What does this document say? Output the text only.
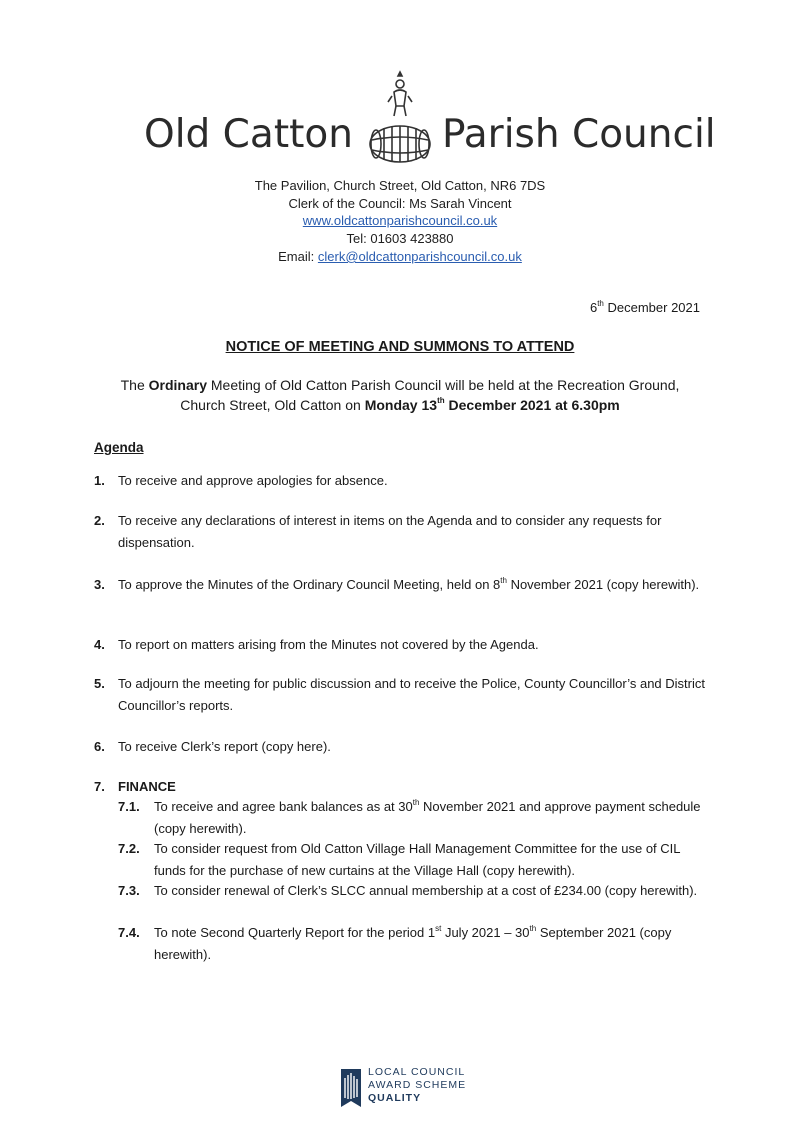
Old Catton Parish Council
The Pavilion, Church Street, Old Catton, NR6 7DS
Clerk of the Council: Ms Sarah Vincent
www.oldcattonparishcouncil.co.uk
Tel: 01603 423880
Email: clerk@oldcattonparishcouncil.co.uk
6th December 2021
NOTICE OF MEETING AND SUMMONS TO ATTEND
The Ordinary Meeting of Old Catton Parish Council will be held at the Recreation Ground,
Church Street, Old Catton on Monday 13th December 2021 at 6.30pm
Agenda
1. To receive and approve apologies for absence.
2. To receive any declarations of interest in items on the Agenda and to consider any requests for dispensation.
3. To approve the Minutes of the Ordinary Council Meeting, held on 8th November 2021 (copy herewith).
4. To report on matters arising from the Minutes not covered by the Agenda.
5. To adjourn the meeting for public discussion and to receive the Police, County Councillor’s and District Councillor’s reports.
6. To receive Clerk’s report (copy here).
7. FINANCE
7.1. To receive and agree bank balances as at 30th November 2021 and approve payment schedule (copy herewith).
7.2. To consider request from Old Catton Village Hall Management Committee for the use of CIL funds for the purchase of new curtains at the Village Hall (copy herewith).
7.3. To consider renewal of Clerk’s SLCC annual membership at a cost of £234.00 (copy herewith).
7.4. To note Second Quarterly Report for the period 1st July 2021 – 30th September 2021 (copy herewith).
LOCAL COUNCIL
AWARD SCHEME
QUALITY
